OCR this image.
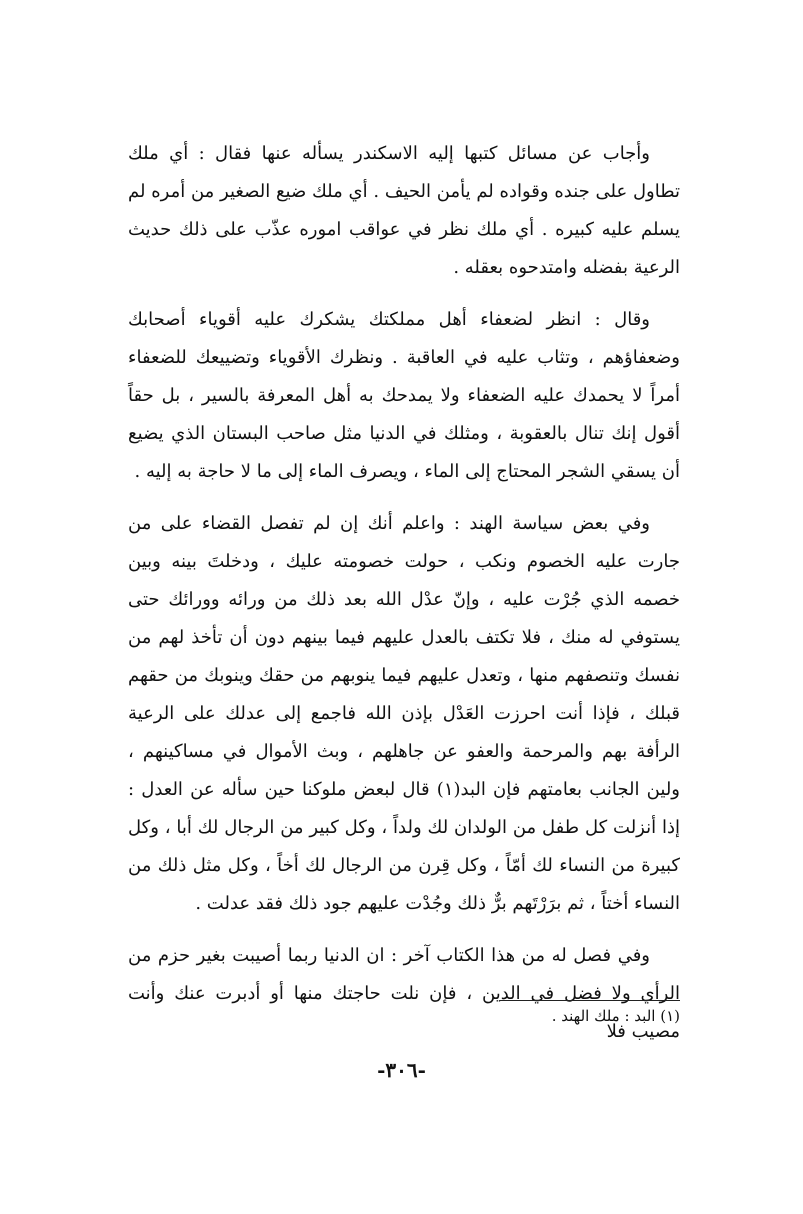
وأجاب عن مسائل كتبها إليه الاسكندر يسأله عنها فقال : أي ملك تطاول على جنده وقواده لم يأمن الحيف . أي ملك ضيع الصغير من أمره لم يسلم عليه كبيره . أي ملك نظر في عواقب اموره عذّب على ذلك حديث الرعية بفضله وامتدحوه بعقله .

وقال : انظر لضعفاء أهل مملكتك يشكرك عليه أقوياء أصحابك وضعفاؤهم ، وتثاب عليه في العاقبة . ونظرك الأقوياء وتضييعك للضعفاء أمراً لا يحمدك عليه الضعفاء ولا يمدحك به أهل المعرفة بالسير ، بل حقاً أقول إنك تنال بالعقوبة ، ومثلك في الدنيا مثل صاحب البستان الذي يضيع أن يسقي الشجر المحتاج إلى الماء ، ويصرف الماء إلى ما لا حاجة به إليه .

وفي بعض سياسة الهند : واعلم أنك إن لم تفصل القضاء على من جارت عليه الخصوم ونكب ، حولت خصومته عليك ، ودخلتَ بينه وبين خصمه الذي جُرْت عليه ، وإنّ عدْل الله بعد ذلك من ورائه وورائك حتى يستوفي له منك ، فلا تكتف بالعدل عليهم فيما بينهم دون أن تأخذ لهم من نفسك وتنصفهم منها ، وتعدل عليهم فيما ينوبهم من حقك وينوبك من حقهم قبلك ، فإذا أنت احرزت العَدْل بإذن الله فاجمع إلى عدلك على الرعية الرأفة بهم والمرحمة والعفو عن جاهلهم ، وبث الأموال في مساكينهم ، ولين الجانب بعامتهم فإن البد(١) قال لبعض ملوكنا حين سأله عن العدل : إذا أنزلت كل طفل من الولدان لك ولداً ، وكل كبير من الرجال لك أبا ، وكل كبيرة من النساء لك أمّاً ، وكل قِرن من الرجال لك أخاً ، وكل مثل ذلك من النساء أختاً ، ثم برَرْتَهم برٌّ ذلك وجُدْت عليهم جود ذلك فقد عدلت .

وفي فصل له من هذا الكتاب آخر : ان الدنيا ربما أصيبت بغير حزم من الرأي ولا فضل في الدين ، فإن نلت حاجتك منها أو أدبرت عنك وأنت مصيب فلا

(١) البد : ملك الهند .
-٣٠٦-
